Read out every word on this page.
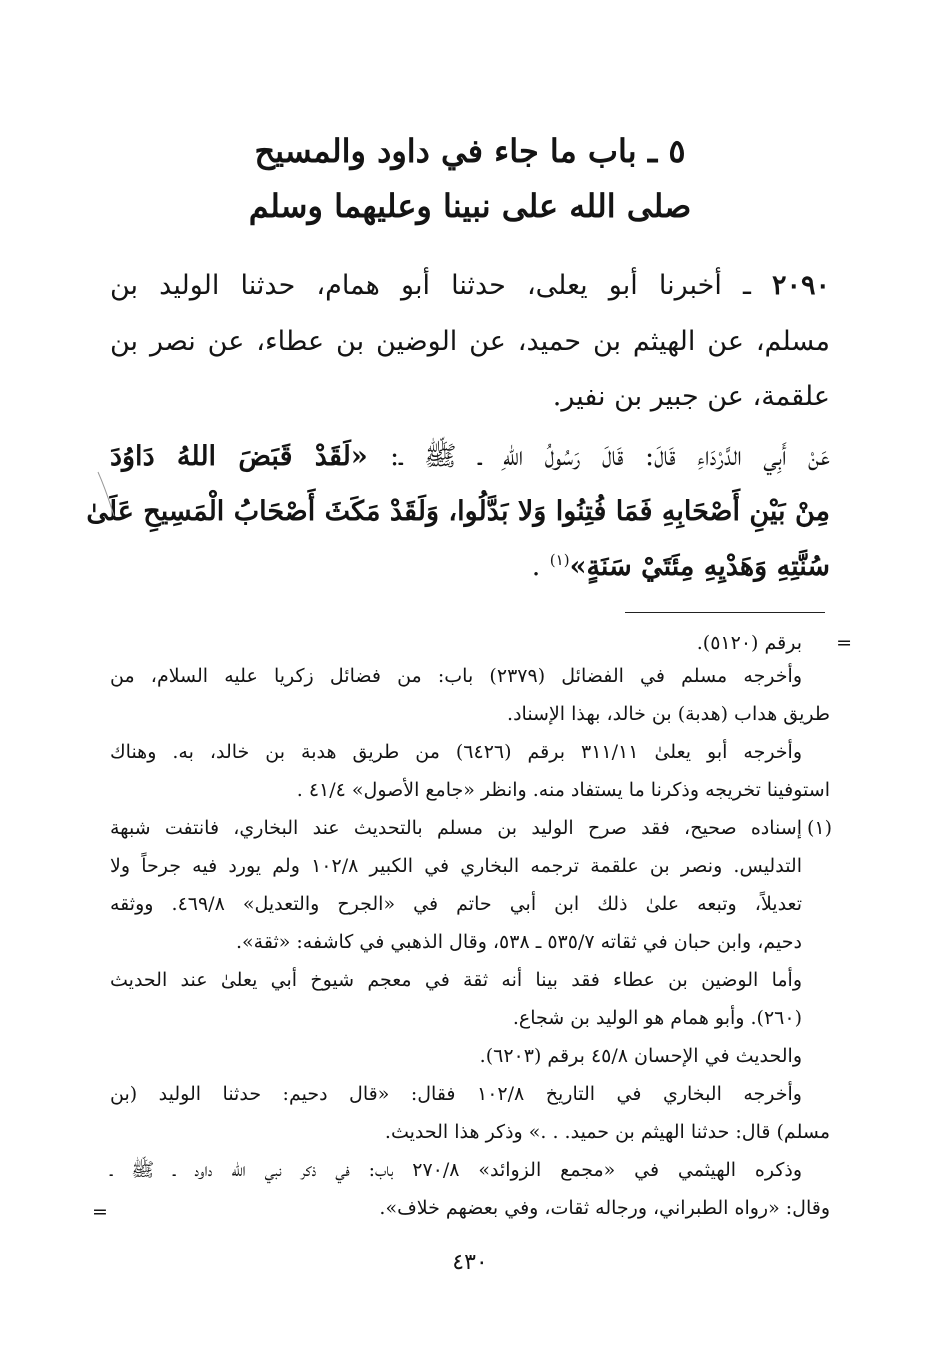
٥ ـ باب ما جاء في داود والمسيح
صلى الله على نبينا وعليهما وسلم
٢٠٩٠ ـ أخبرنا أبو يعلى، حدثنا أبو همام، حدثنا الوليد بن
مسلم، عن الهيثم بن حميد، عن الوضين بن عطاء، عن نصر بن
علقمة، عن جبير بن نفير.
عَنْ أَبِي الدَّرْدَاءِ قَالَ: قَالَ رَسُولُ اللهِ ـ ﷺ ـ: «لَقَدْ قَبَضَ اللهُ دَاوُدَ
مِنْ بَيْنِ أَصْحَابِهِ فَمَا فُتِنُوا وَلا بَدَّلُوا، وَلَقَدْ مَكَثَ أَصْحَابُ الْمَسِيحِ عَلَىٰ
سُنَّتِهِ وَهَدْيِهِ مِئَتَيْ سَنَةٍ»$^{(١)}$ .
=
برقم (٥١٢٠).
وأخرجه مسلم في الفضائل (٢٣٧٩) باب: من فضائل زكريا عليه السلام، من
طريق هداب (هدبة) بن خالد، بهذا الإسناد.
وأخرجه أبو يعلىٰ ٣١١/١١ برقم (٦٤٢٦) من طريق هدبة بن خالد، به. وهناك
استوفينا تخريجه وذكرنا ما يستفاد منه. وانظر «جامع الأصول» ٤١/٤ .
(١)
إسناده صحيح، فقد صرح الوليد بن مسلم بالتحديث عند البخاري، فانتفت شبهة
التدليس. ونصر بن علقمة ترجمه البخاري في الكبير ١٠٢/٨ ولم يورد فيه جرحاً ولا
تعديلاً، وتبعه علىٰ ذلك ابن أبي حاتم في «الجرح والتعديل» ٤٦٩/٨. ووثقه
دحيم، وابن حبان في ثقاته ٥٣٥/٧ ـ ٥٣٨، وقال الذهبي في كاشفه: «ثقة».
وأما الوضين بن عطاء فقد بينا أنه ثقة في معجم شيوخ أبي يعلىٰ عند الحديث
(٢٦٠). وأبو همام هو الوليد بن شجاع.
والحديث في الإحسان ٤٥/٨ برقم (٦٢٠٣).
وأخرجه البخاري في التاريخ ١٠٢/٨ فقال: «قال دحيم: حدثنا الوليد (بن
مسلم) قال: حدثنا الهيثم بن حميد. . .» وذكر هذا الحديث.
وذكره الهيثمي في «مجمع الزوائد» ٢٧٠/٨ باب: في ذكر نبي الله داود ـ ﷺ ـ
وقال: «رواه الطبراني، ورجاله ثقات، وفي بعضهم خلاف».
=
٤٣٠
